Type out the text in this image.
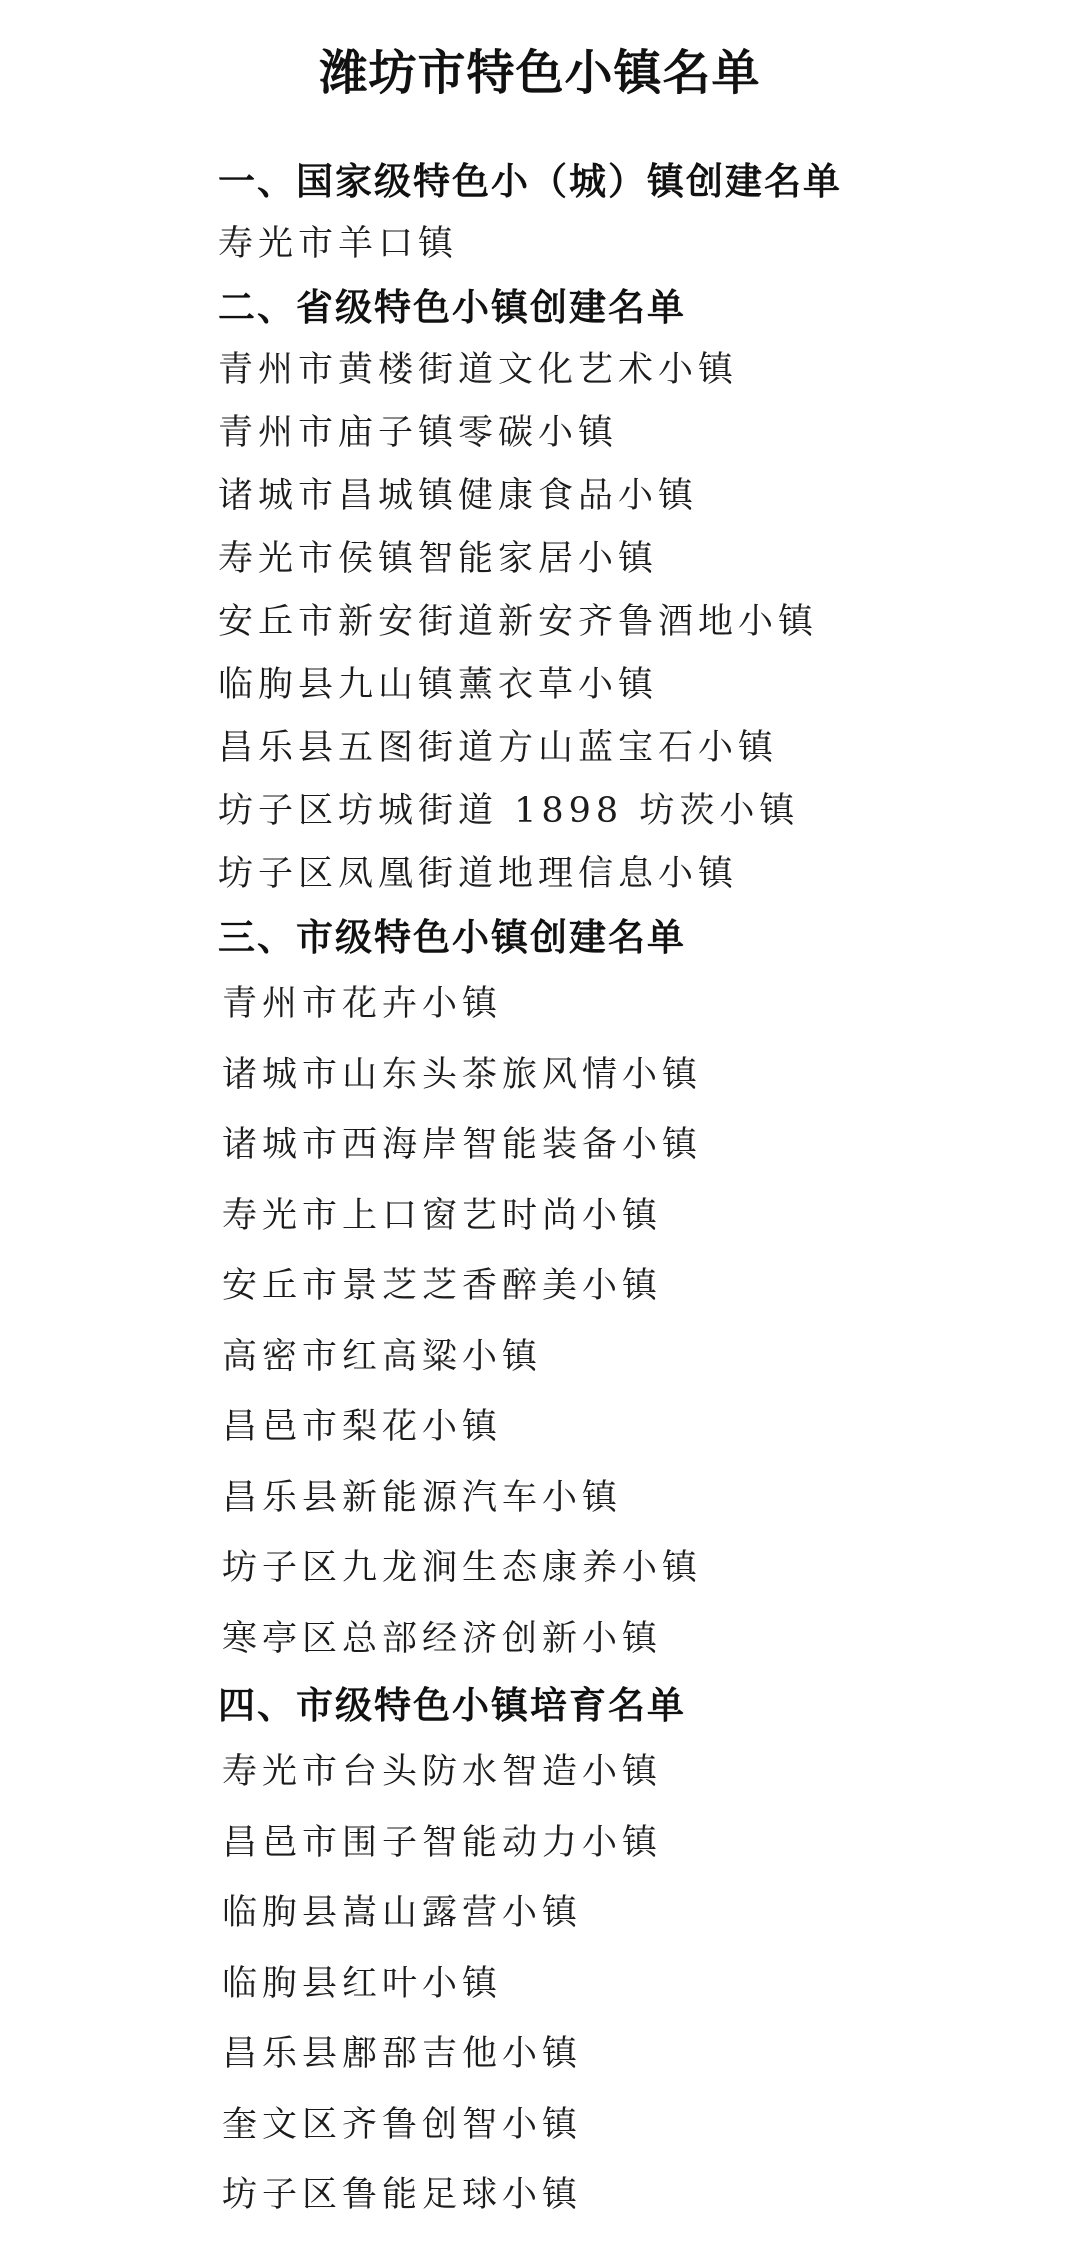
潍坊市特色小镇名单
一、国家级特色小（城）镇创建名单
寿光市羊口镇
二、省级特色小镇创建名单
青州市黄楼街道文化艺术小镇
青州市庙子镇零碳小镇
诸城市昌城镇健康食品小镇
寿光市侯镇智能家居小镇
安丘市新安街道新安齐鲁酒地小镇
临朐县九山镇薰衣草小镇
昌乐县五图街道方山蓝宝石小镇
坊子区坊城街道 1898 坊茨小镇
坊子区凤凰街道地理信息小镇
三、市级特色小镇创建名单
青州市花卉小镇
诸城市山东头茶旅风情小镇
诸城市西海岸智能装备小镇
寿光市上口窗艺时尚小镇
安丘市景芝芝香醉美小镇
高密市红高粱小镇
昌邑市梨花小镇
昌乐县新能源汽车小镇
坊子区九龙涧生态康养小镇
寒亭区总部经济创新小镇
四、市级特色小镇培育名单
寿光市台头防水智造小镇
昌邑市围子智能动力小镇
临朐县嵩山露营小镇
临朐县红叶小镇
昌乐县鄌郚吉他小镇
奎文区齐鲁创智小镇
坊子区鲁能足球小镇
